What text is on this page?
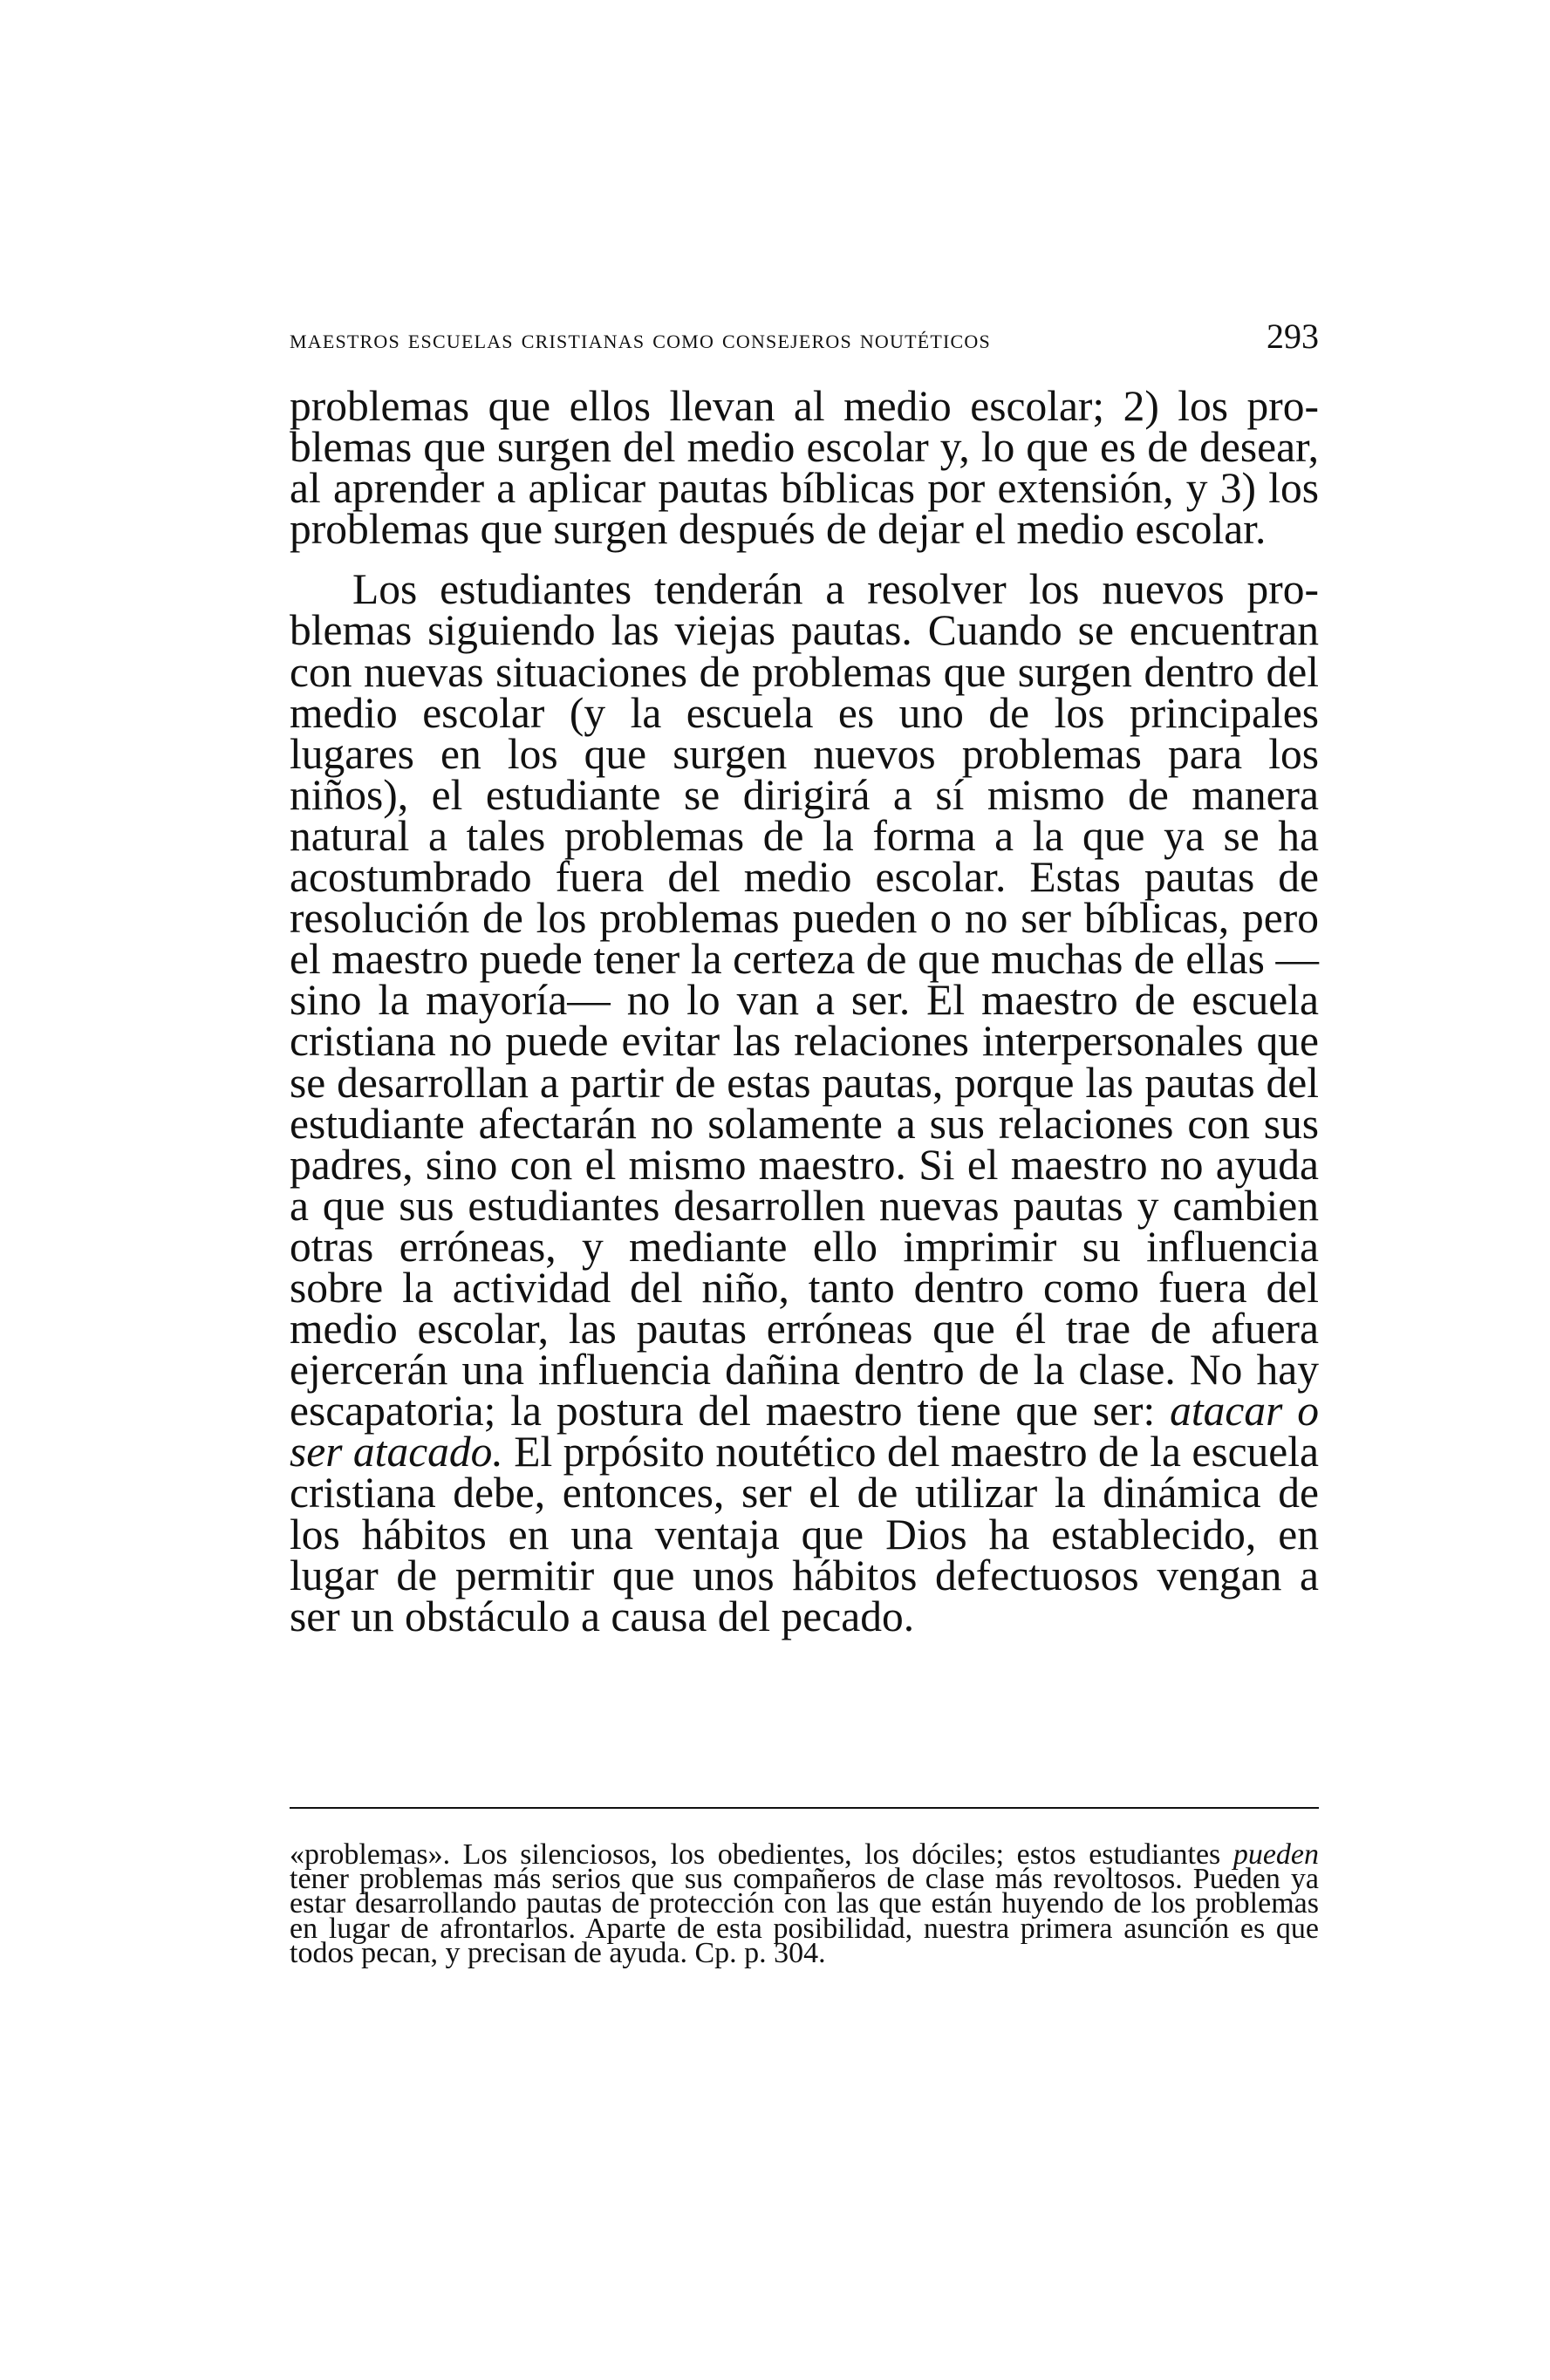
maestros escuelas cristianas como consejeros noutéticos	293

problemas que ellos llevan al medio escolar; 2) los problemas que surgen del medio escolar y, lo que es de desear, al aprender a aplicar pautas bíblicas por extensión, y 3) los problemas que surgen después de dejar el medio escolar.

Los estudiantes tenderán a resolver los nuevos problemas siguiendo las viejas pautas. Cuando se encuentran con nuevas situaciones de problemas que surgen dentro del medio escolar (y la escuela es uno de los principales lugares en los que surgen nuevos problemas para los niños), el estudiante se dirigirá a sí mismo de manera natural a tales problemas de la forma a la que ya se ha acostumbrado fuera del medio escolar. Estas pautas de resolución de los problemas pueden o no ser bíblicas, pero el maestro puede tener la certeza de que muchas de ellas —sino la mayoría— no lo van a ser. El maestro de escuela cristiana no puede evitar las relaciones interpersonales que se desarrollan a partir de estas pautas, porque las pautas del estudiante afectarán no solamente a sus relaciones con sus padres, sino con el mismo maestro. Si el maestro no ayuda a que sus estudiantes desarrollen nuevas pautas y cambien otras erróneas, y mediante ello imprimir su influencia sobre la actividad del niño, tanto dentro como fuera del medio escolar, las pautas erróneas que él trae de afuera ejercerán una influencia dañina dentro de la clase. No hay escapatoria; la postura del maestro tiene que ser: atacar o ser atacado. El prpósito noutético del maestro de la escuela cristiana debe, entonces, ser el de utilizar la dinámica de los hábitos en una ventaja que Dios ha establecido, en lugar de permitir que unos hábitos defectuosos vengan a ser un obstáculo a causa del pecado.

«problemas». Los silenciosos, los obedientes, los dóciles; estos estudiantes pueden tener problemas más serios que sus compañeros de clase más revoltosos. Pueden ya estar desarrollando pautas de protección con las que están huyendo de los problemas en lugar de afrontarlos. Aparte de esta posibilidad, nuestra primera asunción es que todos pecan, y precisan de ayuda. Cp. p. 304.
